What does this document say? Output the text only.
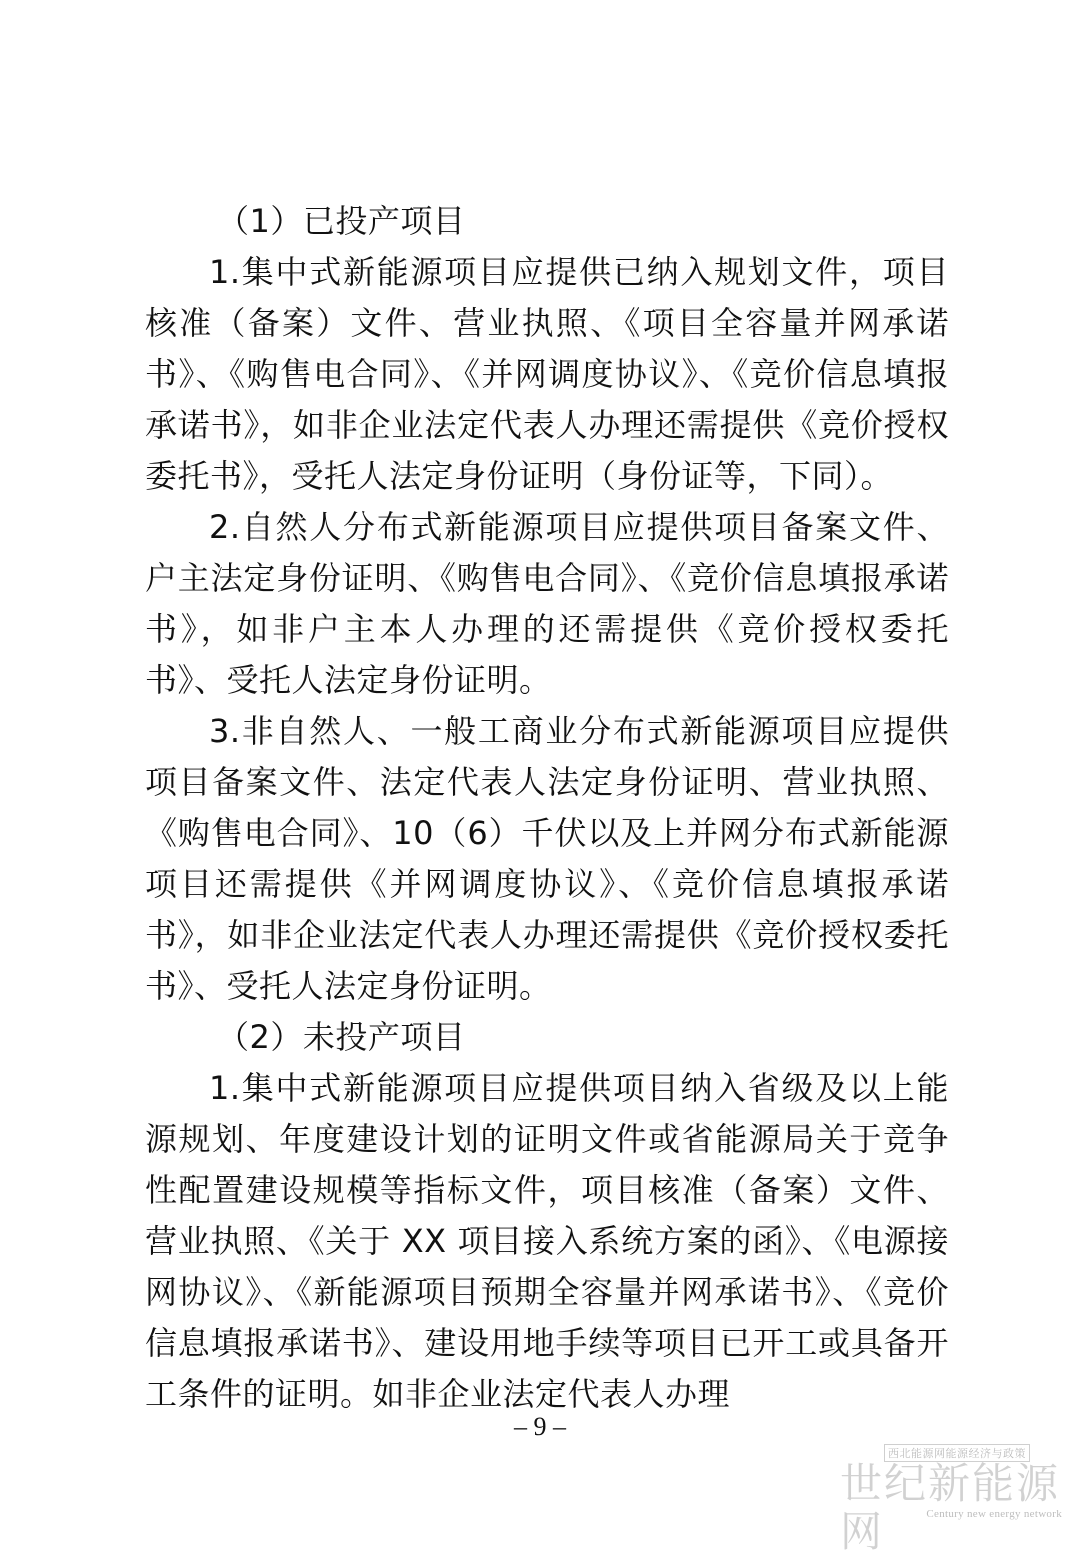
（1）已投产项目

1.集中式新能源项目应提供已纳入规划文件，项目核准（备案）文件、营业执照、《项目全容量并网承诺书》、《购售电合同》、《并网调度协议》、《竞价信息填报承诺书》，如非企业法定代表人办理还需提供《竞价授权委托书》，受托人法定身份证明（身份证等，下同）。

2.自然人分布式新能源项目应提供项目备案文件、户主法定身份证明、《购售电合同》、《竞价信息填报承诺书》，如非户主本人办理的还需提供《竞价授权委托书》、受托人法定身份证明。

3.非自然人、一般工商业分布式新能源项目应提供项目备案文件、法定代表人法定身份证明、营业执照、《购售电合同》、10（6）千伏以及上并网分布式新能源项目还需提供《并网调度协议》、《竞价信息填报承诺书》，如非企业法定代表人办理还需提供《竞价授权委托书》、受托人法定身份证明。

（2）未投产项目

1.集中式新能源项目应提供项目纳入省级及以上能源规划、年度建设计划的证明文件或省能源局关于竞争性配置建设规模等指标文件，项目核准（备案）文件、营业执照、《关于 XX 项目接入系统方案的函》、《电源接网协议》、《新能源项目预期全容量并网承诺书》、《竞价信息填报承诺书》、建设用地手续等项目已开工或具备开工条件的证明。如非企业法定代表人办理

– 9 –
西北能源网能源经济与政策
世纪新能源网	Century new energy network
